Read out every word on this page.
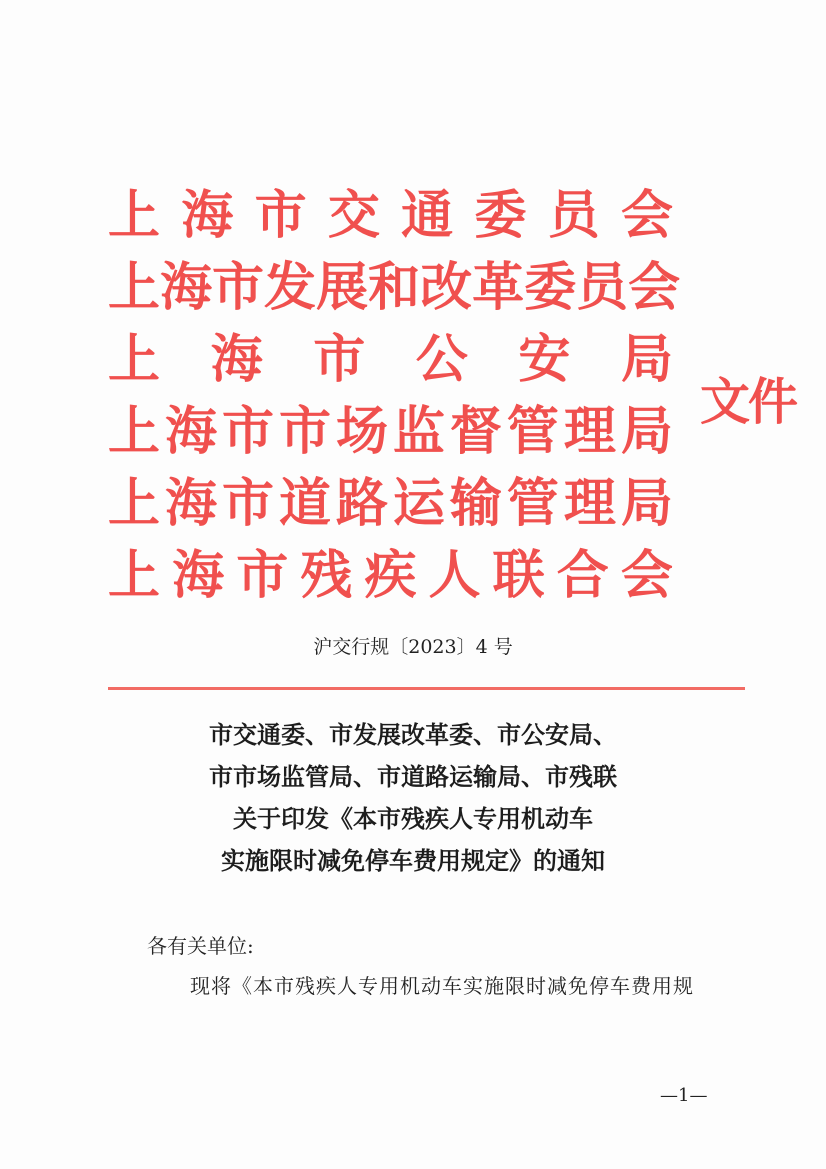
上 海 市 交 通 委 员 会
上 海 市 发 展 和 改 革 委 员 会
上 海 市 公 安 局
上 海 市 市 场 监 督 管 理 局
上 海 市 道 路 运 输 管 理 局
上 海 市 残 疾 人 联 合 会
文件
沪交行规〔2023〕4 号
市交通委、市发展改革委、市公安局、
市市场监管局、市道路运输局、市残联
关于印发《本市残疾人专用机动车
实施限时减免停车费用规定》的通知
各有关单位:
现将《本市残疾人专用机动车实施限时减免停车费用规
—1—
